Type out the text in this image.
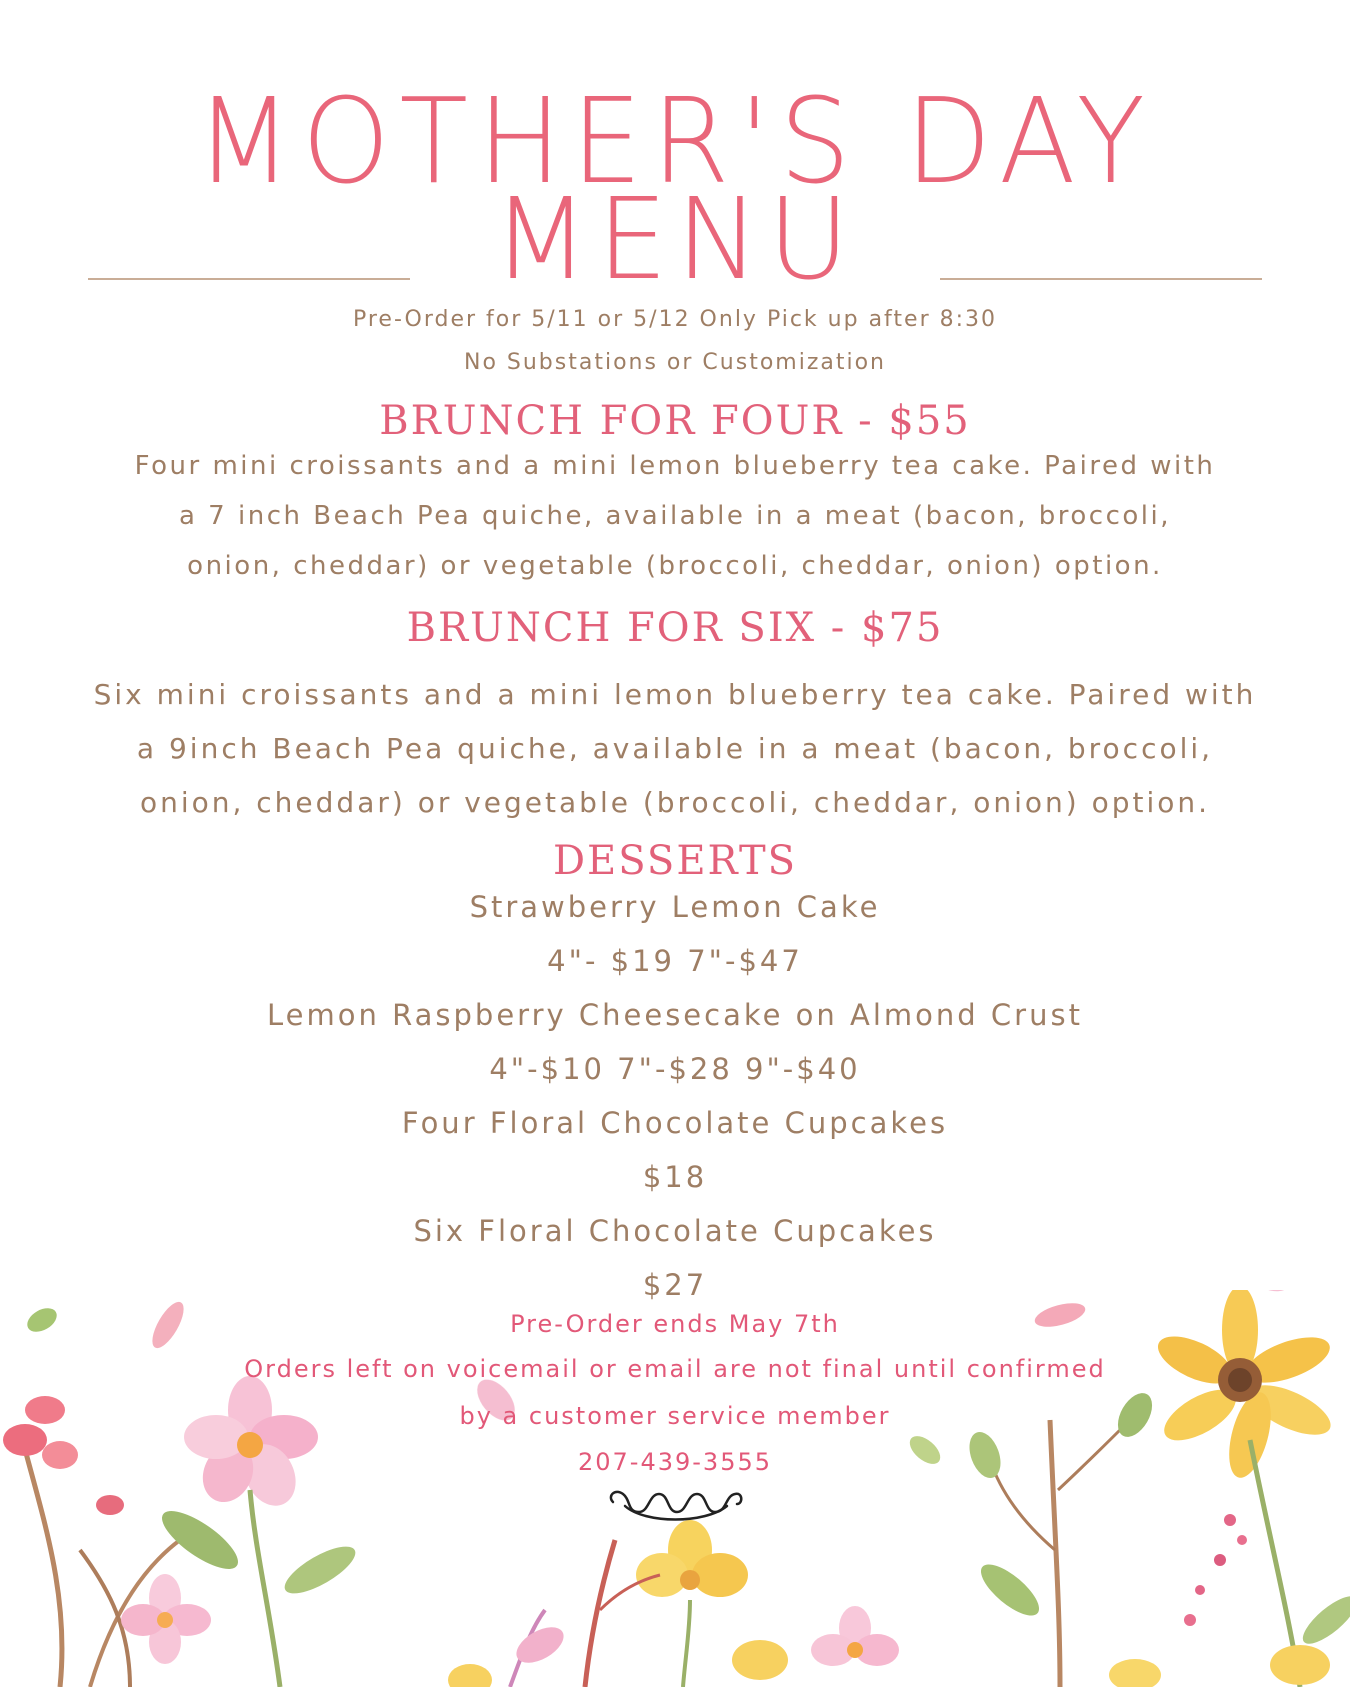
MOTHER'S DAY
MENU
Pre-Order for 5/11 or 5/12 Only Pick up after 8:30
No Substations or Customization
BRUNCH FOR FOUR - $55
Four mini croissants and a mini lemon blueberry tea cake. Paired with
a 7 inch Beach Pea quiche, available in a meat (bacon, broccoli,
onion, cheddar) or vegetable (broccoli, cheddar, onion) option.
BRUNCH FOR SIX - $75
Six mini croissants and a mini lemon blueberry tea cake. Paired with
a 9inch Beach Pea quiche, available in a meat (bacon, broccoli,
onion, cheddar) or vegetable (broccoli, cheddar, onion) option.
DESSERTS
Strawberry Lemon Cake
4"- $19 7"-$47
Lemon Raspberry Cheesecake on Almond Crust
4"-$10 7"-$28 9"-$40
Four Floral Chocolate Cupcakes
$18
Six Floral Chocolate Cupcakes
$27
Pre-Order ends May 7th
Orders left on voicemail or email are not final until confirmed
by a customer service member
207-439-3555
